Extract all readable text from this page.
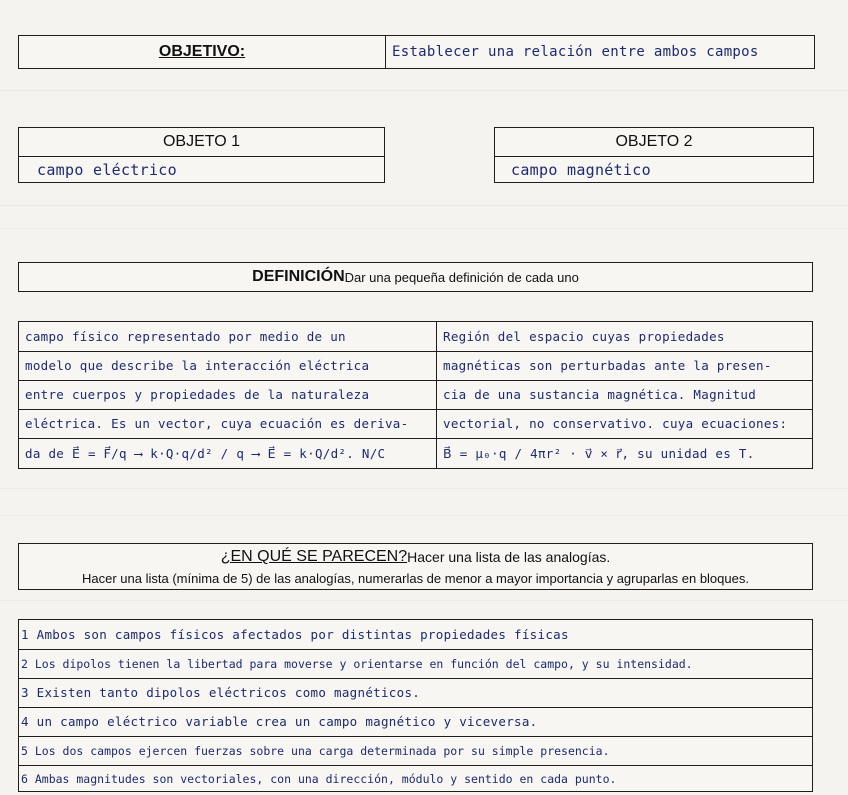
OBJETIVO:	Establecer una relación entre ambos campos
OBJETO 1
campo eléctrico
OBJETO 2
campo magnético
DEFINICIÓN Dar una pequeña definición de cada uno
campo físico representado por medio de un
modelo que describe la interacción eléctrica
entre cuerpos y propiedades de la naturaleza
eléctrica. Es un vector, cuya ecuación es deriva-
da de E⃗ = F⃗/q ⟶ k·Q·q/d² / q ⟶ E⃗ = k·Q/d². N/C
Región del espacio cuyas propiedades
magnéticas son perturbadas ante la presen-
cia de una sustancia magnética. Magnitud
vectorial, no conservativo. cuya ecuaciones:
B⃗ = μ₀·q / 4πr² · v⃗ × r⃗, su unidad es T.
¿EN QUÉ SE PARECEN? Hacer una lista de las analogías.
Hacer una lista (mínima de 5) de las analogías, numerarlas de menor a mayor importancia y agruparlas en bloques.
1 Ambos son campos físicos afectados por distintas propiedades físicas
2 Los dipolos tienen la libertad para moverse y orientarse en función del campo, y su intensidad.
3 Existen tanto dipolos eléctricos como magnéticos.
4 un campo eléctrico variable crea un campo magnético y viceversa.
5 Los dos campos ejercen fuerzas sobre una carga determinada por su simple presencia.
6 Ambas magnitudes son vectoriales, con una dirección, módulo y sentido en cada punto.
